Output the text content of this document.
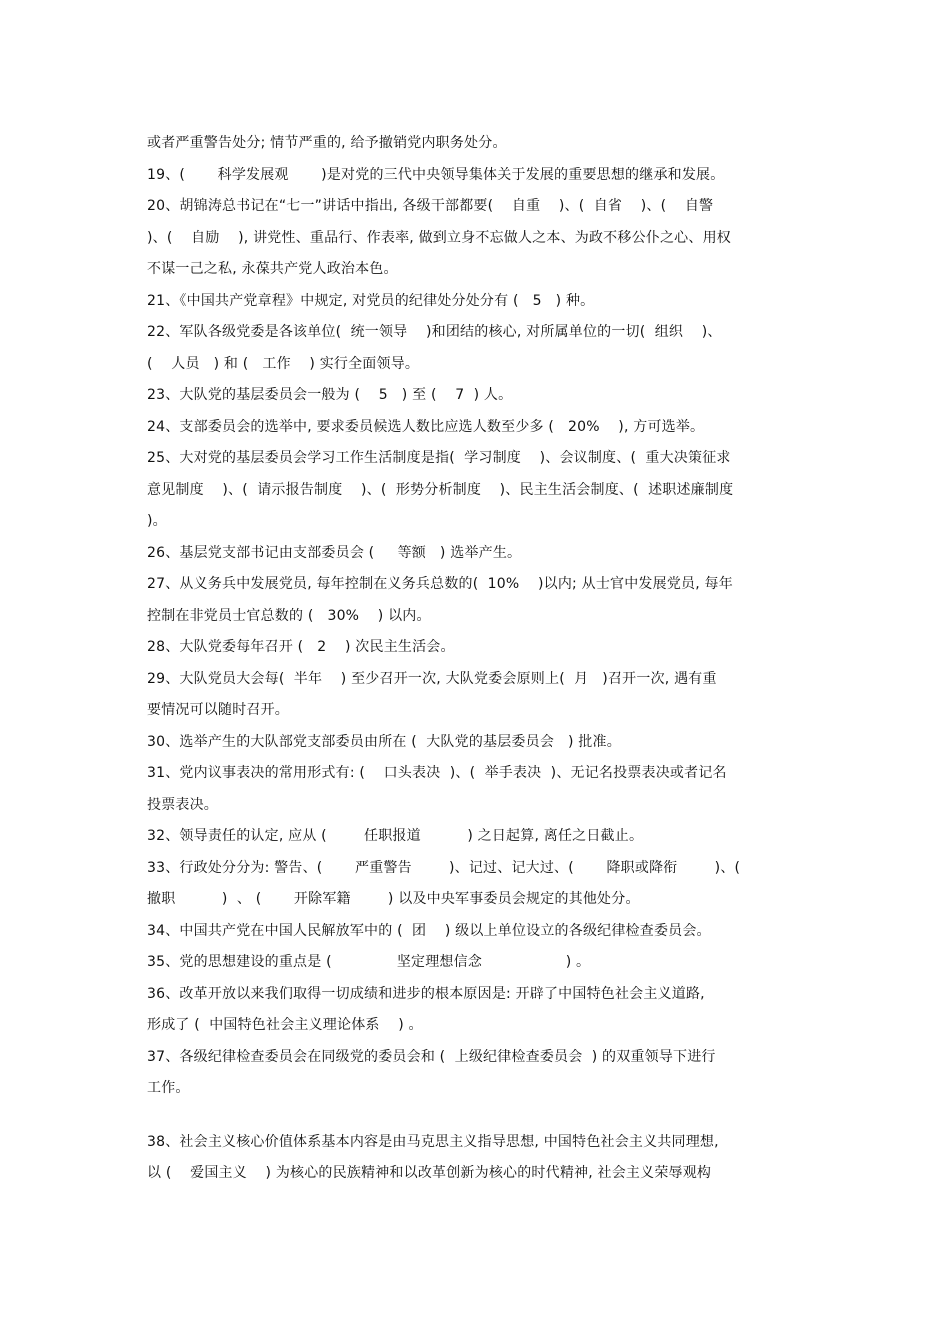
或者严重警告处分; 情节严重的, 给予撤销党内职务处分。
19、(       科学发展观       )是对党的三代中央领导集体关于发展的重要思想的继承和发展。
20、胡锦涛总书记在“七一”讲话中指出, 各级干部都要(    自重    )、(  自省    )、(    自警
)、(    自励    ), 讲党性、重品行、作表率, 做到立身不忘做人之本、为政不移公仆之心、用权
不谋一己之私, 永葆共产党人政治本色。
21、《中国共产党章程》中规定, 对党员的纪律处分处分有 (   5   ) 种。
22、军队各级党委是各该单位(  统一领导    )和团结的核心, 对所属单位的一切(  组织    )、
(    人员   ) 和 (   工作    ) 实行全面领导。
23、大队党的基层委员会一般为 (    5   ) 至 (    7  ) 人。
24、支部委员会的选举中, 要求委员候选人数比应选人数至少多 (   20%    ), 方可选举。
25、大对党的基层委员会学习工作生活制度是指(  学习制度    )、会议制度、(  重大决策征求
意见制度    )、(  请示报告制度    )、(  形势分析制度    )、民主生活会制度、(  述职述廉制度
)。
26、基层党支部书记由支部委员会 (     等额   ) 选举产生。
27、从义务兵中发展党员, 每年控制在义务兵总数的(  10%    )以内; 从士官中发展党员, 每年
控制在非党员士官总数的 (   30%    ) 以内。
28、大队党委每年召开 (   2    ) 次民主生活会。
29、大队党员大会每(  半年    ) 至少召开一次, 大队党委会原则上(  月   )召开一次, 遇有重
要情况可以随时召开。
30、选举产生的大队部党支部委员由所在 (  大队党的基层委员会   ) 批准。
31、党内议事表决的常用形式有: (    口头表决  )、(  举手表决  )、无记名投票表决或者记名
投票表决。
32、领导责任的认定, 应从 (        任职报道          ) 之日起算, 离任之日截止。
33、行政处分分为: 警告、(       严重警告        )、记过、记大过、(       降职或降衔        )、(
撤职          )  、 (       开除军籍        ) 以及中央军事委员会规定的其他处分。
34、中国共产党在中国人民解放军中的 (  团    ) 级以上单位设立的各级纪律检查委员会。
35、党的思想建设的重点是 (              坚定理想信念                  ) 。
36、改革开放以来我们取得一切成绩和进步的根本原因是: 开辟了中国特色社会主义道路,
形成了 (  中国特色社会主义理论体系    ) 。
37、各级纪律检查委员会在同级党的委员会和 (  上级纪律检查委员会  ) 的双重领导下进行
工作。
38、社会主义核心价值体系基本内容是由马克思主义指导思想, 中国特色社会主义共同理想,
以 (    爱国主义    ) 为核心的民族精神和以改革创新为核心的时代精神, 社会主义荣辱观构
